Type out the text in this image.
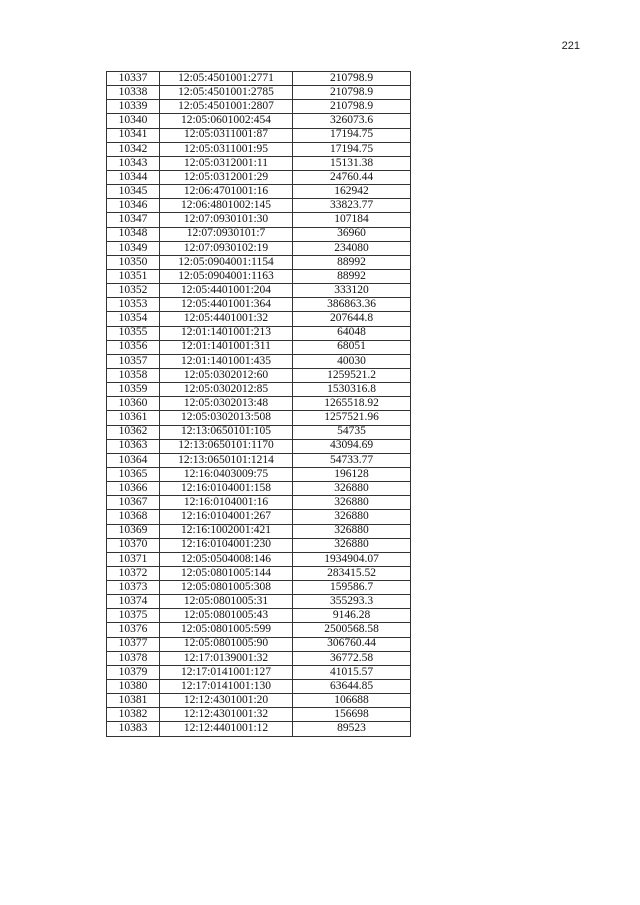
221
10337	12:05:4501001:2771	210798.9
10338	12:05:4501001:2785	210798.9
10339	12:05:4501001:2807	210798.9
10340	12:05:0601002:454	326073.6
10341	12:05:0311001:87	17194.75
10342	12:05:0311001:95	17194.75
10343	12:05:0312001:11	15131.38
10344	12:05:0312001:29	24760.44
10345	12:06:4701001:16	162942
10346	12:06:4801002:145	33823.77
10347	12:07:0930101:30	107184
10348	12:07:0930101:7	36960
10349	12:07:0930102:19	234080
10350	12:05:0904001:1154	88992
10351	12:05:0904001:1163	88992
10352	12:05:4401001:204	333120
10353	12:05:4401001:364	386863.36
10354	12:05:4401001:32	207644.8
10355	12:01:1401001:213	64048
10356	12:01:1401001:311	68051
10357	12:01:1401001:435	40030
10358	12:05:0302012:60	1259521.2
10359	12:05:0302012:85	1530316.8
10360	12:05:0302013:48	1265518.92
10361	12:05:0302013:508	1257521.96
10362	12:13:0650101:105	54735
10363	12:13:0650101:1170	43094.69
10364	12:13:0650101:1214	54733.77
10365	12:16:0403009:75	196128
10366	12:16:0104001:158	326880
10367	12:16:0104001:16	326880
10368	12:16:0104001:267	326880
10369	12:16:1002001:421	326880
10370	12:16:0104001:230	326880
10371	12:05:0504008:146	1934904.07
10372	12:05:0801005:144	283415.52
10373	12:05:0801005:308	159586.7
10374	12:05:0801005:31	355293.3
10375	12:05:0801005:43	9146.28
10376	12:05:0801005:599	2500568.58
10377	12:05:0801005:90	306760.44
10378	12:17:0139001:32	36772.58
10379	12:17:0141001:127	41015.57
10380	12:17:0141001:130	63644.85
10381	12:12:4301001:20	106688
10382	12:12:4301001:32	156698
10383	12:12:4401001:12	89523
